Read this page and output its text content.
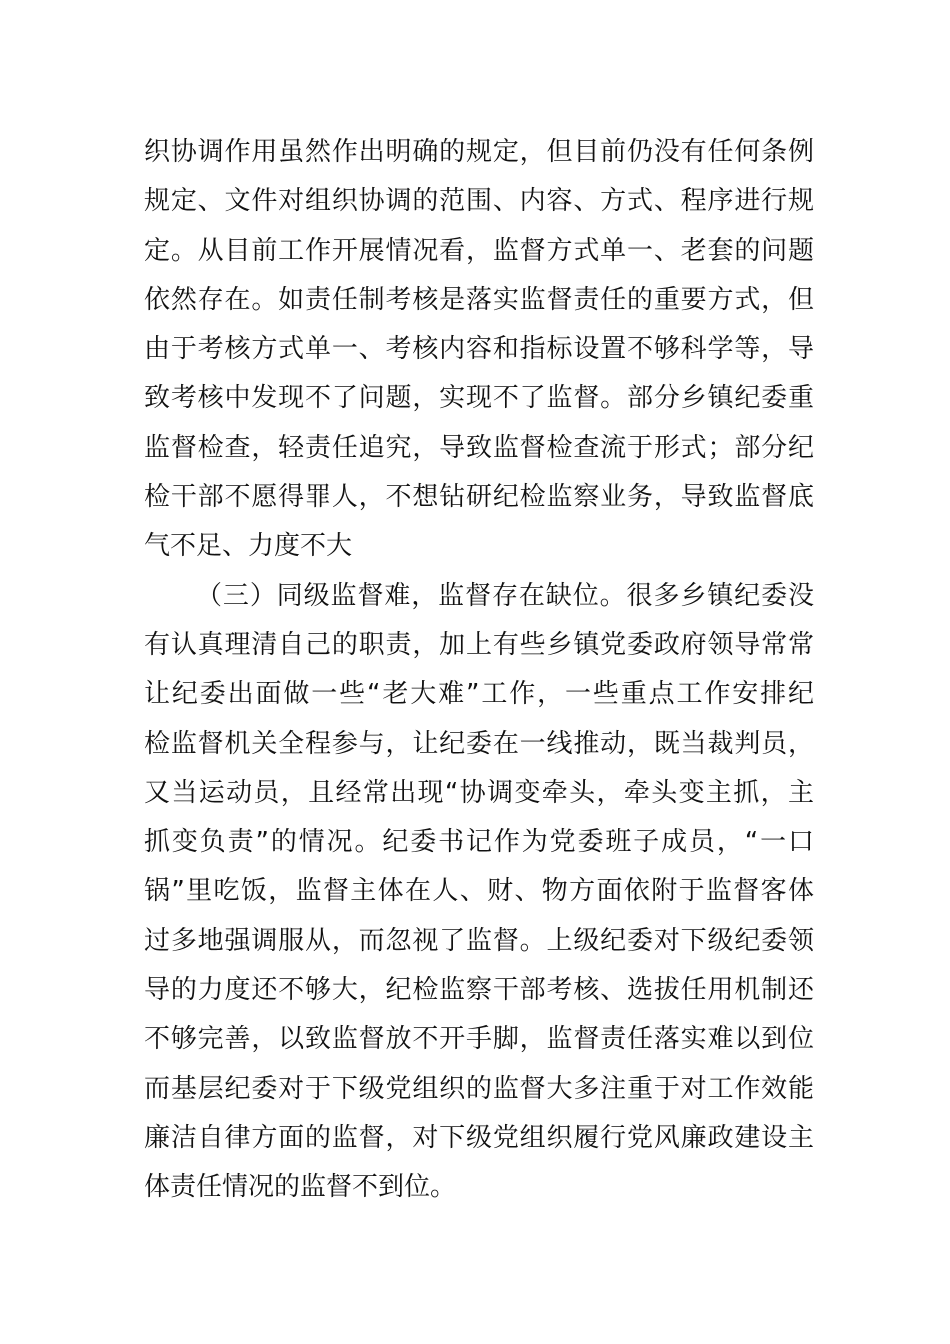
织协调作用虽然作出明确的规定，但目前仍没有任何条例
规定、文件对组织协调的范围、内容、方式、程序进行规
定。从目前工作开展情况看，监督方式单一、老套的问题
依然存在。如责任制考核是落实监督责任的重要方式，但
由于考核方式单一、考核内容和指标设置不够科学等，导
致考核中发现不了问题，实现不了监督。部分乡镇纪委重
监督检查，轻责任追究，导致监督检查流于形式；部分纪
检干部不愿得罪人，不想钻研纪检监察业务，导致监督底
气不足、力度不大
（三）同级监督难，监督存在缺位。很多乡镇纪委没
有认真理清自己的职责，加上有些乡镇党委政府领导常常
让纪委出面做一些“老大难”工作，一些重点工作安排纪
检监督机关全程参与，让纪委在一线推动，既当裁判员，
又当运动员，且经常出现“协调变牵头，牵头变主抓，主
抓变负责”的情况。纪委书记作为党委班子成员，“一口
锅”里吃饭，监督主体在人、财、物方面依附于监督客体
过多地强调服从，而忽视了监督。上级纪委对下级纪委领
导的力度还不够大，纪检监察干部考核、选拔任用机制还
不够完善，以致监督放不开手脚，监督责任落实难以到位
而基层纪委对于下级党组织的监督大多注重于对工作效能
廉洁自律方面的监督，对下级党组织履行党风廉政建设主
体责任情况的监督不到位。
